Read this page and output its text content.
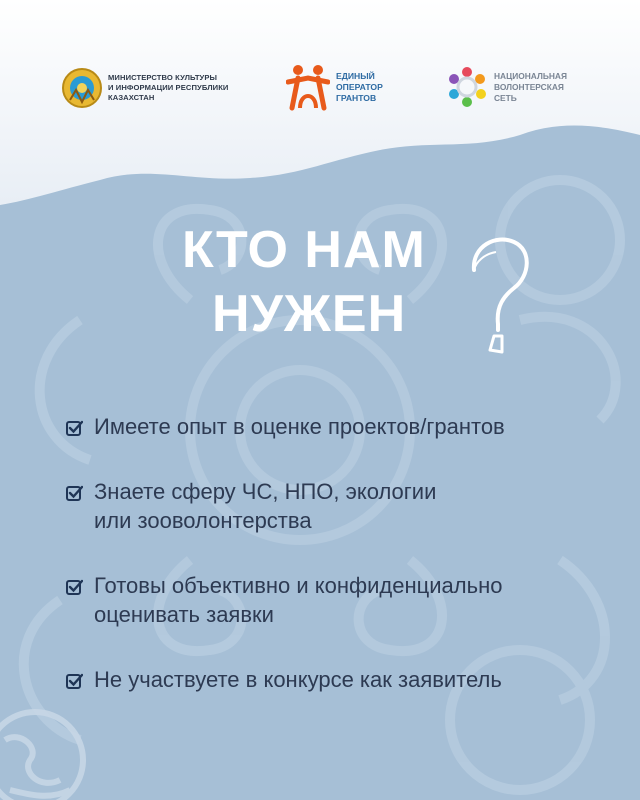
МИНИСТЕРСТВО КУЛЬТУРЫ
И ИНФОРМАЦИИ РЕСПУБЛИКИ
КАЗАХСТАН
ЕДИНЫЙ
ОПЕРАТОР
ГРАНТОВ
НАЦИОНАЛЬНАЯ
ВОЛОНТЕРСКАЯ
СЕТЬ
КТО НАМ
НУЖЕН
Имеете опыт в оценке проектов/грантов
Знаете сферу ЧС, НПО, экологии
или зооволонтерства
Готовы объективно и конфиденциально
оценивать заявки
Не участвуете в конкурсе как заявитель
